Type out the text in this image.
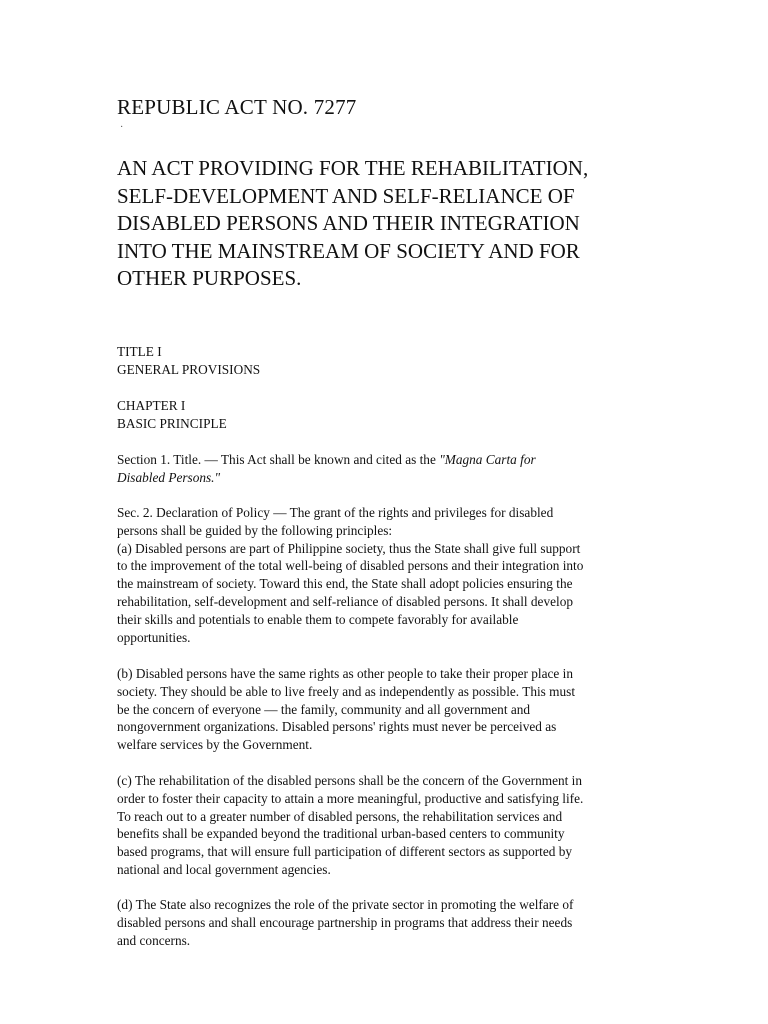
REPUBLIC ACT NO. 7277
·
AN ACT PROVIDING FOR THE REHABILITATION,
SELF-DEVELOPMENT AND SELF-RELIANCE OF
DISABLED PERSONS AND THEIR INTEGRATION
INTO THE MAINSTREAM OF SOCIETY AND FOR
OTHER PURPOSES.
TITLE I
GENERAL PROVISIONS
CHAPTER I
BASIC PRINCIPLE
Section 1. Title. — This Act shall be known and cited as the "Magna Carta for
Disabled Persons."
Sec. 2. Declaration of Policy — The grant of the rights and privileges for disabled
persons shall be guided by the following principles:
(a) Disabled persons are part of Philippine society, thus the State shall give full support
to the improvement of the total well-being of disabled persons and their integration into
the mainstream of society. Toward this end, the State shall adopt policies ensuring the
rehabilitation, self-development and self-reliance of disabled persons. It shall develop
their skills and potentials to enable them to compete favorably for available
opportunities.
(b) Disabled persons have the same rights as other people to take their proper place in
society. They should be able to live freely and as independently as possible. This must
be the concern of everyone — the family, community and all government and
nongovernment organizations. Disabled persons' rights must never be perceived as
welfare services by the Government.
(c) The rehabilitation of the disabled persons shall be the concern of the Government in
order to foster their capacity to attain a more meaningful, productive and satisfying life.
To reach out to a greater number of disabled persons, the rehabilitation services and
benefits shall be expanded beyond the traditional urban-based centers to community
based programs, that will ensure full participation of different sectors as supported by
national and local government agencies.
(d) The State also recognizes the role of the private sector in promoting the welfare of
disabled persons and shall encourage partnership in programs that address their needs
and concerns.
